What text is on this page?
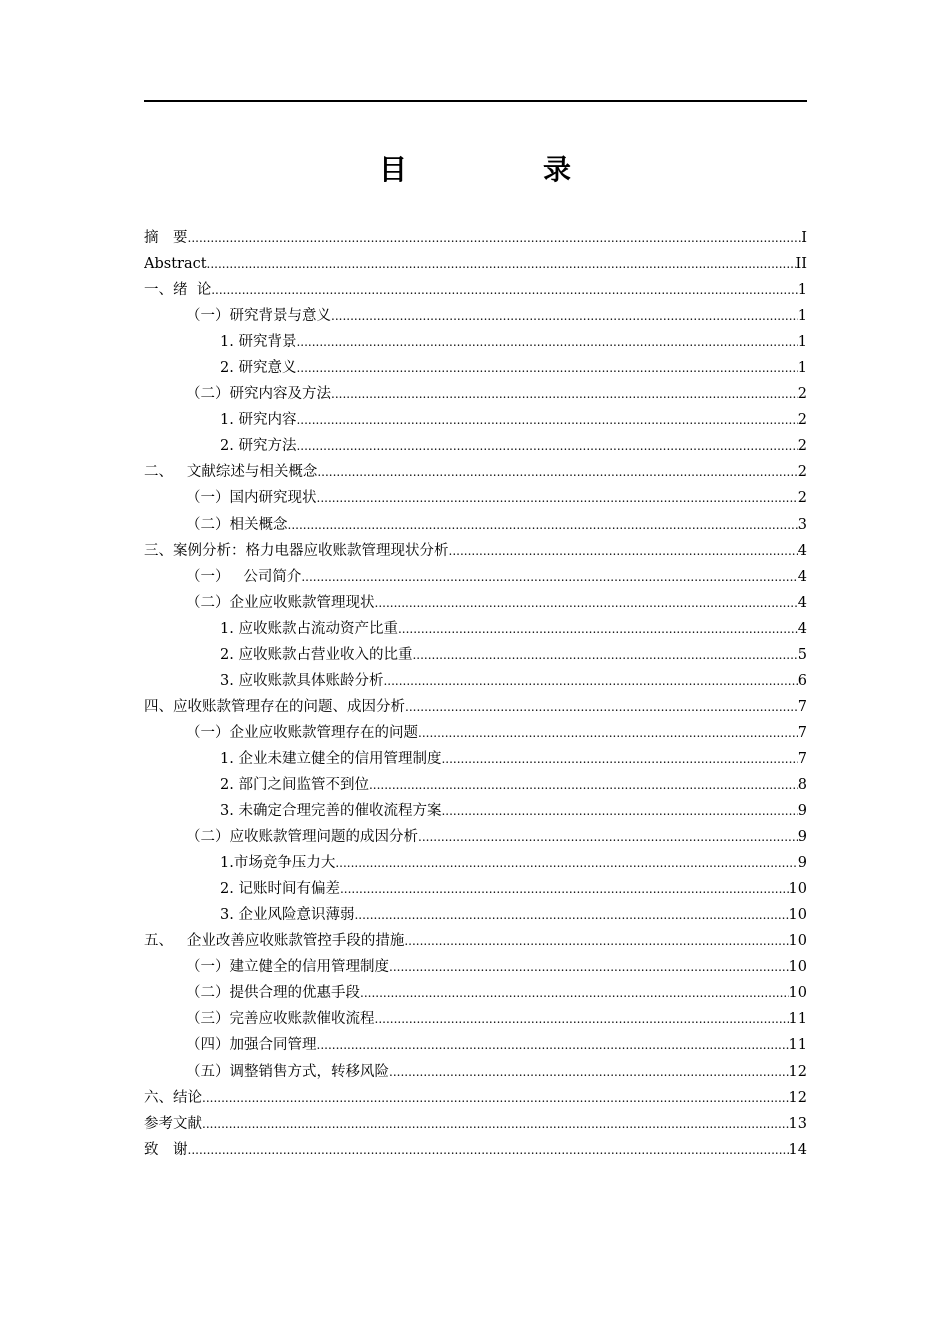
目　录
摘　要 .....	I
Abstract .....	II
一、绪  论 .....	1
（一）研究背景与意义 .....	1
1. 研究背景 .....	1
2. 研究意义 .....	1
（二）研究内容及方法 .....	2
1. 研究内容 .....	2
2. 研究方法 .....	2
二、   文献综述与相关概念 .....	2
（一）国内研究现状 .....	2
（二）相关概念 .....	3
三、案例分析：格力电器应收账款管理现状分析 .....	4
（一）   公司简介 .....	4
（二）企业应收账款管理现状 .....	4
1. 应收账款占流动资产比重 .....	4
2. 应收账款占营业收入的比重 .....	5
3. 应收账款具体账龄分析 .....	6
四、应收账款管理存在的问题、成因分析 .....	7
（一）企业应收账款管理存在的问题 .....	7
1. 企业未建立健全的信用管理制度 .....	7
2. 部门之间监管不到位 .....	8
3. 未确定合理完善的催收流程方案 .....	9
（二）应收账款管理问题的成因分析 .....	9
1.市场竞争压力大 .....	9
2. 记账时间有偏差 .....	10
3. 企业风险意识薄弱 .....	10
五、   企业改善应收账款管控手段的措施 .....	10
（一）建立健全的信用管理制度 .....	10
（二）提供合理的优惠手段 .....	10
（三）完善应收账款催收流程 .....	11
（四）加强合同管理 .....	11
（五）调整销售方式，转移风险 .....	12
六、结论 .....	12
参考文献 .....	13
致　谢 .....	14
